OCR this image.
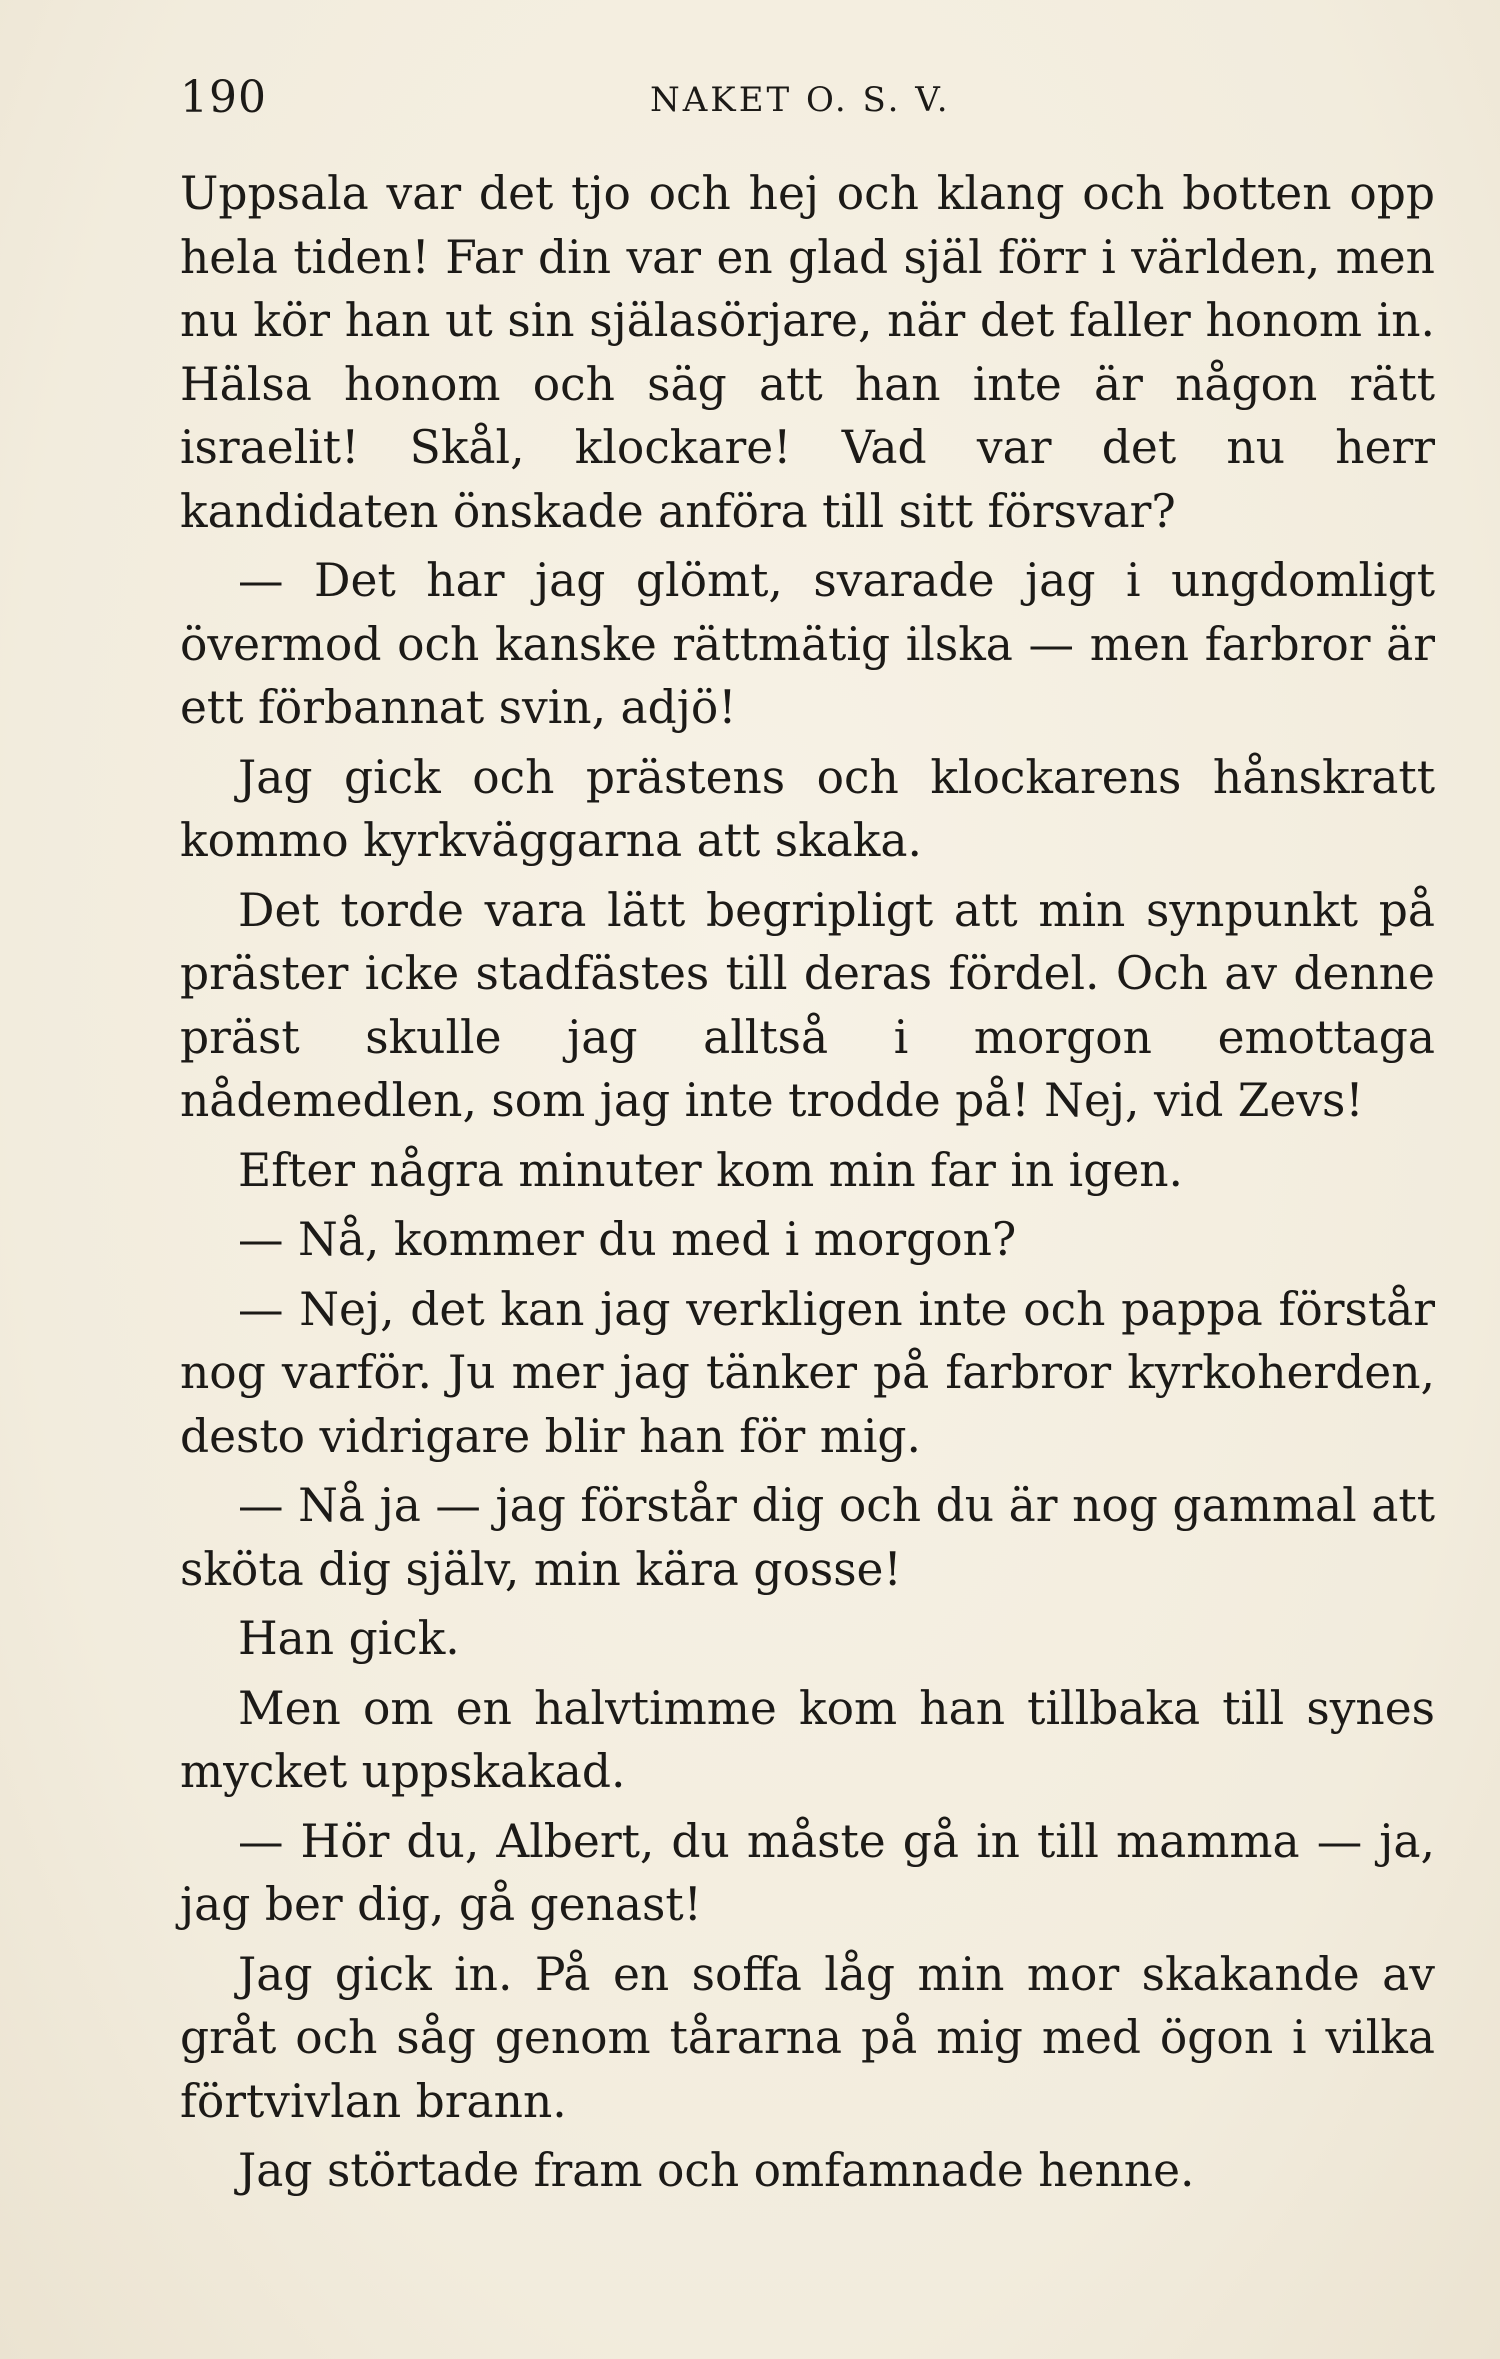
190	NAKET O. S. V.

Uppsala var det tjo och hej och klang och botten opp hela tiden! Far din var en glad själ förr i världen, men nu kör han ut sin själasörjare, när det faller honom in. Hälsa honom och säg att han inte är någon rätt israelit! Skål, klockare! Vad var det nu herr kandidaten önskade anföra till sitt försvar?

— Det har jag glömt, svarade jag i ungdomligt övermod och kanske rättmätig ilska — men farbror är ett förbannat svin, adjö!

Jag gick och prästens och klockarens hånskratt kommo kyrkväggarna att skaka.

Det torde vara lätt begripligt att min synpunkt på präster icke stadfästes till deras fördel. Och av denne präst skulle jag alltså i morgon emottaga nådemedlen, som jag inte trodde på! Nej, vid Zevs!

Efter några minuter kom min far in igen.

— Nå, kommer du med i morgon?

— Nej, det kan jag verkligen inte och pappa förstår nog varför. Ju mer jag tänker på farbror kyrkoherden, desto vidrigare blir han för mig.

— Nå ja — jag förstår dig och du är nog gammal att sköta dig själv, min kära gosse!

Han gick.

Men om en halvtimme kom han tillbaka till synes mycket uppskakad.

— Hör du, Albert, du måste gå in till mamma — ja, jag ber dig, gå genast!

Jag gick in. På en soffa låg min mor skakande av gråt och såg genom tårarna på mig med ögon i vilka förtvivlan brann.

Jag störtade fram och omfamnade henne.
